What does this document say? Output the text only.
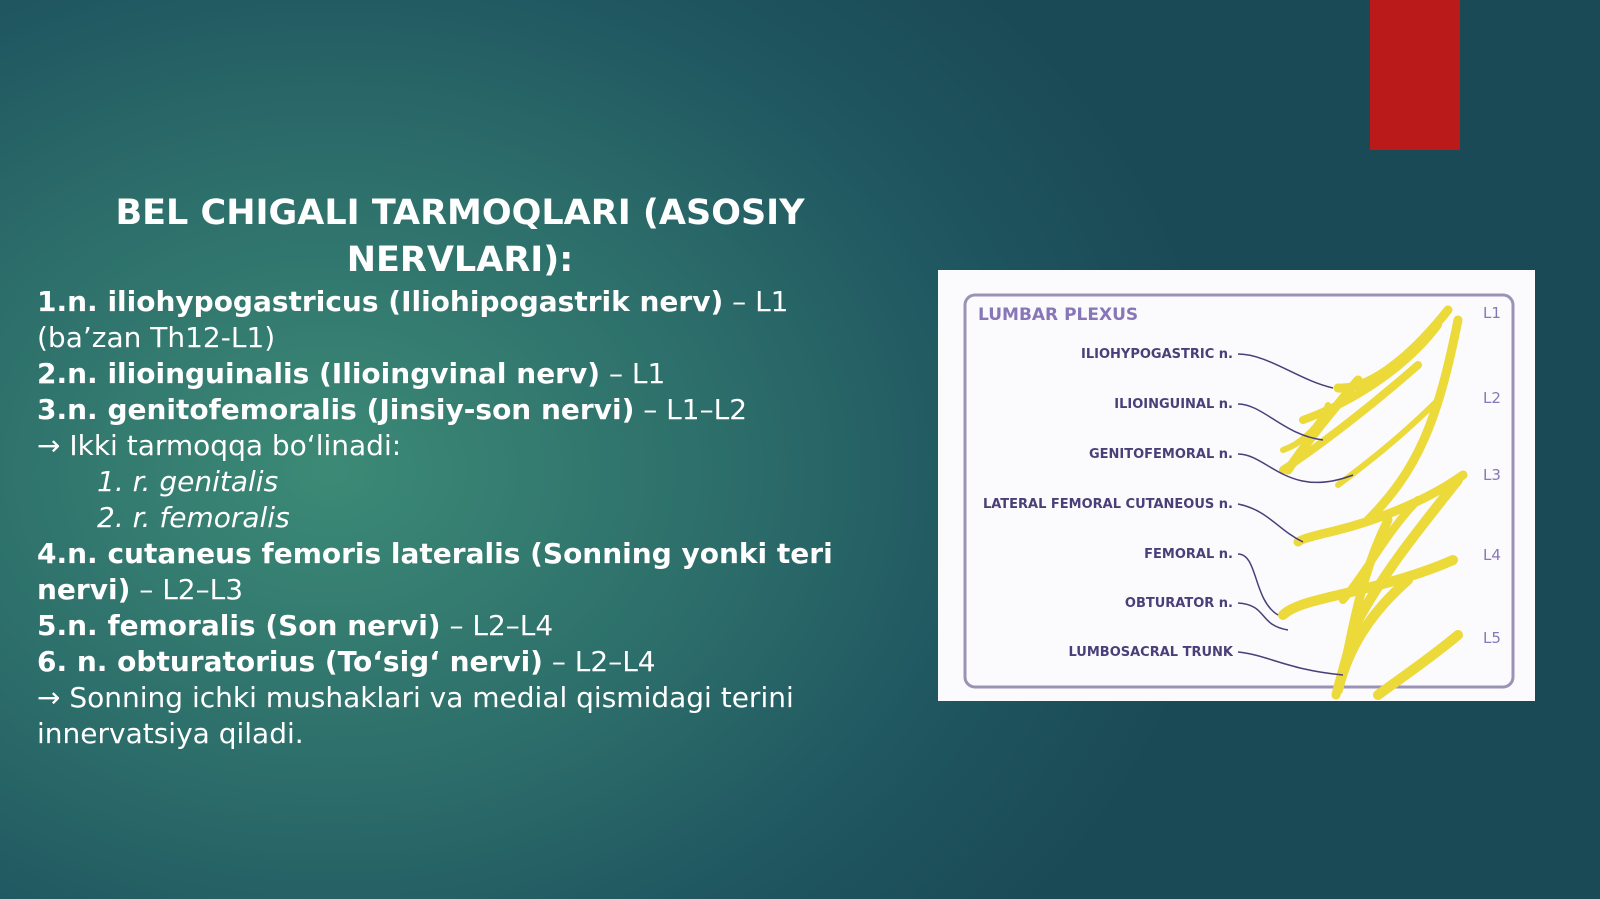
BEL CHIGALI TARMOQLARI (ASOSIY NERVLARI):
1.n. iliohypogastricus (Iliohipogastrik nerv) – L1 (ba’zan Th12-L1)
2.n. ilioinguinalis (Ilioingvinal nerv) – L1
3.n. genitofemoralis (Jinsiy-son nervi) – L1–L2
→ Ikki tarmoqqa bo‘linadi:
1. r. genitalis
2. r. femoralis
4.n. cutaneus femoris lateralis (Sonning yonki teri nervi) – L2–L3
5.n. femoralis (Son nervi) – L2–L4
6. n. obturatorius (To‘sig‘ nervi) – L2–L4
→ Sonning ichki mushaklari va medial qismidagi terini innervatsiya qiladi.
LUMBAR PLEXUS
ILIOHYPOGASTRIC n.
ILIOINGUINAL n.
GENITOFEMORAL n.
LATERAL FEMORAL CUTANEOUS n.
FEMORAL n.
OBTURATOR n.
LUMBOSACRAL TRUNK
L1
L2
L3
L4
L5
